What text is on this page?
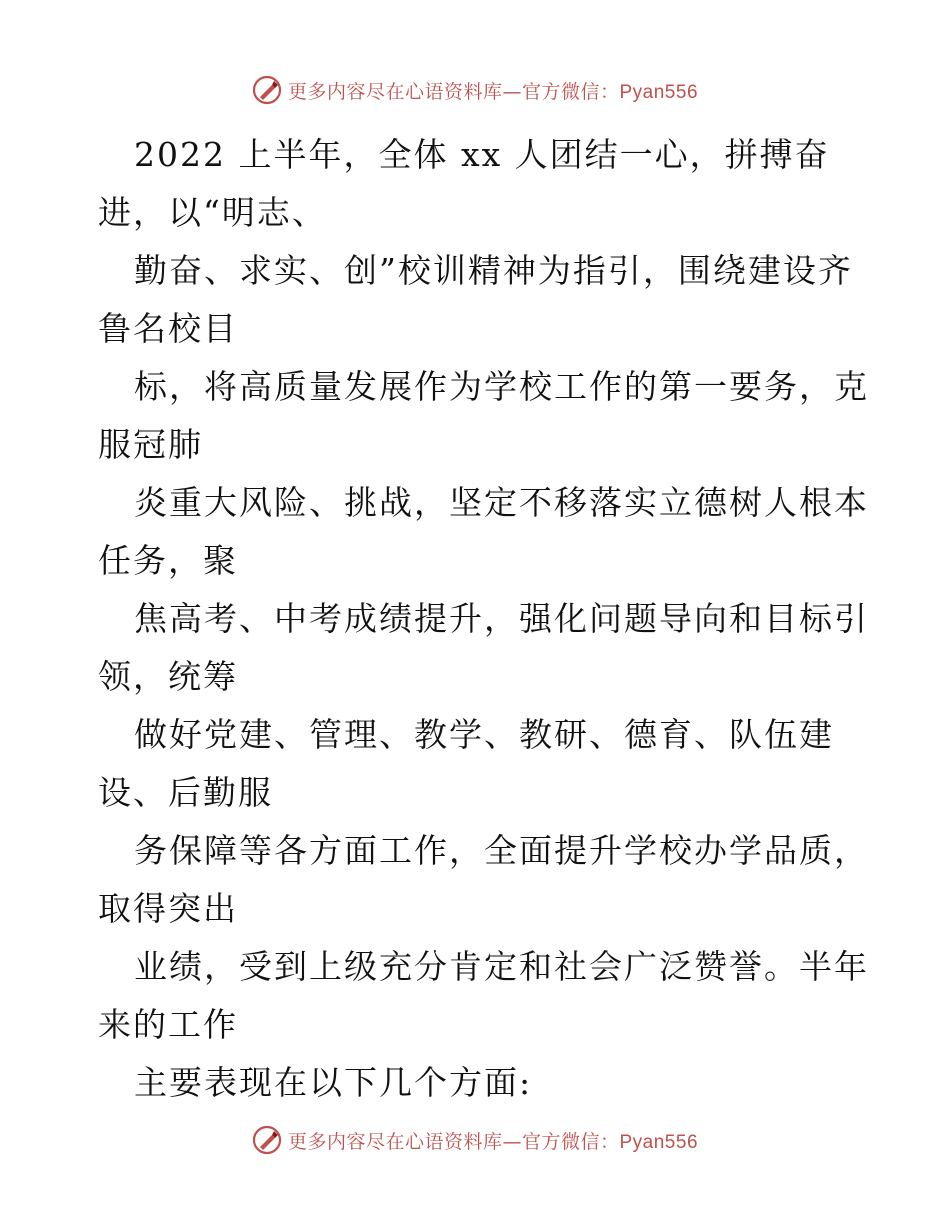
更多内容尽在心语资料库—官方微信：Pyan556
2022 上半年，全体 xx 人团结一心，拼搏奋
进，以“明志、
勤奋、求实、创”校训精神为指引，围绕建设齐
鲁名校目
标，将高质量发展作为学校工作的第一要务，克
服冠肺
炎重大风险、挑战，坚定不移落实立德树人根本
任务，聚
焦高考、中考成绩提升，强化问题导向和目标引
领，统筹
做好党建、管理、教学、教研、德育、队伍建
设、后勤服
务保障等各方面工作，全面提升学校办学品质，
取得突出
业绩，受到上级充分肯定和社会广泛赞誉。半年
来的工作
主要表现在以下几个方面:
更多内容尽在心语资料库—官方微信：Pyan556
